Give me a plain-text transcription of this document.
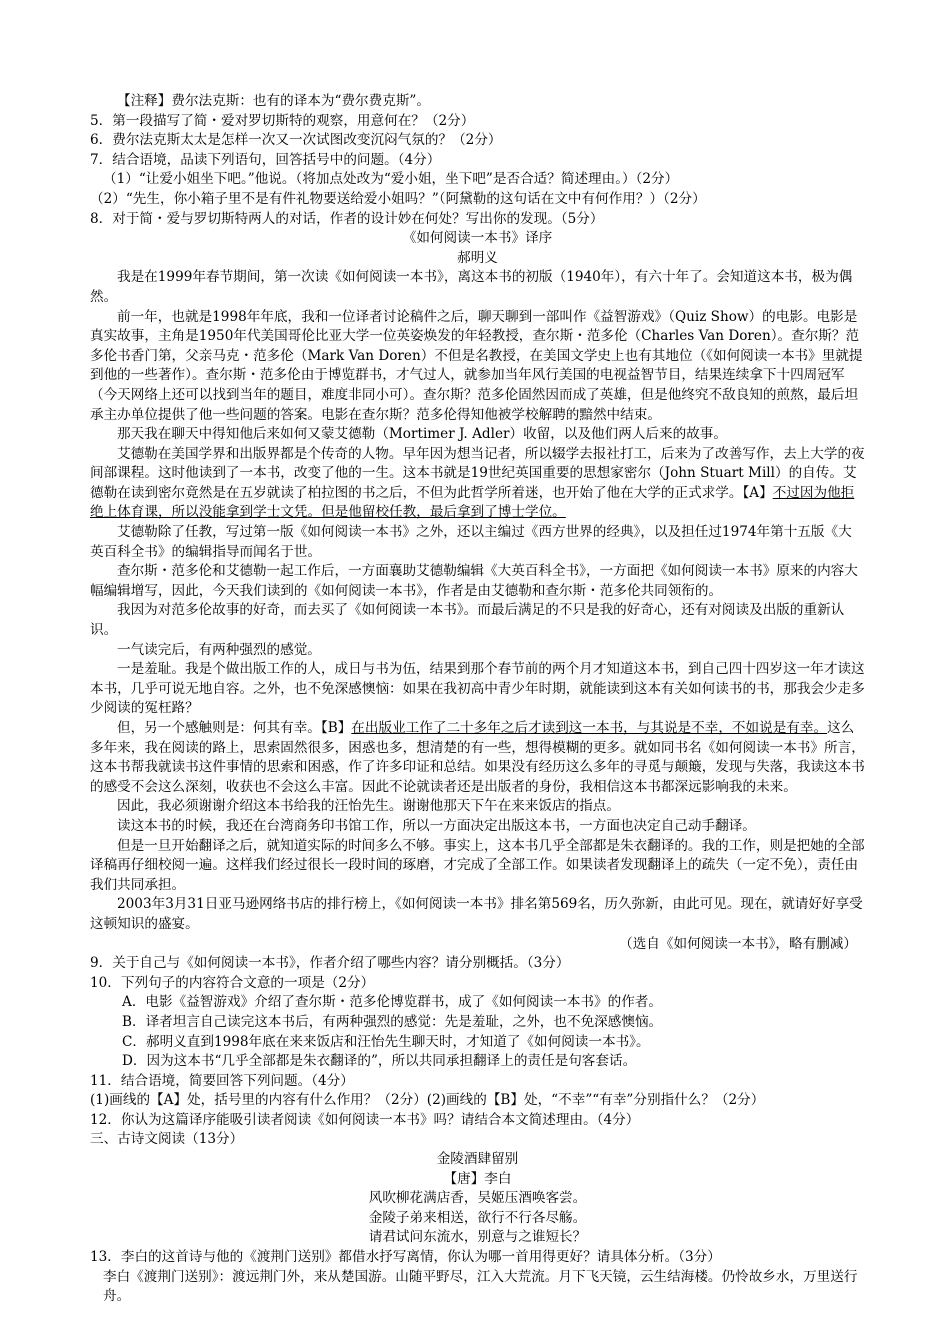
【注释】费尔法克斯：也有的译本为“费尔费克斯”。

5．第一段描写了简・爱对罗切斯特的观察，用意何在？（2分）

6．费尔法克斯太太是怎样一次又一次试图改变沉闷气氛的？（2分）

7．结合语境，品读下列语句，回答括号中的问题。（4分）

（1）“让爱小姐坐下吧。”他说。（将加点处改为“爱小姐，坐下吧”是否合适？简述理由。）（2分）

（2）“先生，你小箱子里不是有件礼物要送给爱小姐吗？”（阿黛勒的这句话在文中有何作用？）（2分）

8．对于简・爱与罗切斯特两人的对话，作者的设计妙在何处？写出你的发现。（5分）

《如何阅读一本书》译序

郝明义

我是在1999年春节期间，第一次读《如何阅读一本书》，离这本书的初版（1940年），有六十年了。会知道这本书，极为偶然。

前一年，也就是1998年年底，我和一位译者讨论稿件之后，聊天聊到一部叫作《益智游戏》（Quiz Show）的电影。电影是真实故事，主角是1950年代美国哥伦比亚大学一位英姿焕发的年轻教授，查尔斯・范多伦（Charles Van Doren）。查尔斯？范多伦书香门第，父亲马克・范多伦（Mark Van Doren）不但是名教授，在美国文学史上也有其地位（《如何阅读一本书》里就提到他的一些著作）。查尔斯・范多伦由于博览群书，才气过人，就参加当年风行美国的电视益智节目，结果连续拿下十四周冠军（今天网络上还可以找到当年的题目，难度非同小可）。查尔斯？范多伦固然因而成了英雄，但是他终究不敌良知的煎熬，最后坦承主办单位提供了他一些问题的答案。电影在查尔斯？范多伦得知他被学校解聘的黯然中结束。

那天我在聊天中得知他后来如何又蒙艾德勒（Mortimer J. Adler）收留，以及他们两人后来的故事。

艾德勒在美国学界和出版界都是个传奇的人物。早年因为想当记者，所以辍学去报社打工，后来为了改善写作，去上大学的夜间部课程。这时他读到了一本书，改变了他的一生。这本书就是19世纪英国重要的思想家密尔（John Stuart Mill）的自传。艾德勒在读到密尔竟然是在五岁就读了柏拉图的书之后，不但为此哲学所着迷，也开始了他在大学的正式求学。【A】不过因为他拒绝上体育课，所以没能拿到学士文凭。但是他留校任教，最后拿到了博士学位。

艾德勒除了任教，写过第一版《如何阅读一本书》之外，还以主编过《西方世界的经典》，以及担任过1974年第十五版《大英百科全书》的编辑指导而闻名于世。

查尔斯・范多伦和艾德勒一起工作后，一方面襄助艾德勒编辑《大英百科全书》，一方面把《如何阅读一本书》原来的内容大幅编辑增写，因此，今天我们读到的《如何阅读一本书》，作者是由艾德勒和查尔斯・范多伦共同领衔的。

我因为对范多伦故事的好奇，而去买了《如何阅读一本书》。而最后满足的不只是我的好奇心，还有对阅读及出版的重新认识。

一气读完后，有两种强烈的感觉。

一是羞耻。我是个做出版工作的人，成日与书为伍，结果到那个春节前的两个月才知道这本书，到自己四十四岁这一年才读这本书，几乎可说无地自容。之外，也不免深感懊恼：如果在我初高中青少年时期，就能读到这本有关如何读书的书，那我会少走多少阅读的冤枉路？

但，另一个感触则是：何其有幸。【B】在出版业工作了二十多年之后才读到这一本书，与其说是不幸，不如说是有幸。这么多年来，我在阅读的路上，思索固然很多，困惑也多，想清楚的有一些，想得模糊的更多。就如同书名《如何阅读一本书》所言，这本书帮我就读书这件事情的思索和困惑，作了许多印证和总结。如果没有经历这么多年的寻觅与颠簸，发现与失落，我读这本书的感受不会这么深刻，收获也不会这么丰富。因此不论就读者还是出版者的身份，我相信这本书都深远影响我的未来。

因此，我必须谢谢介绍这本书给我的汪怡先生。谢谢他那天下午在来来饭店的指点。

读这本书的时候，我还在台湾商务印书馆工作，所以一方面决定出版这本书，一方面也决定自己动手翻译。

但是一旦开始翻译之后，就知道实际的时间多么不够。事实上，这本书几乎全部都是朱衣翻译的。我的工作，则是把她的全部译稿再仔细校阅一遍。这样我们经过很长一段时间的琢磨，才完成了全部工作。如果读者发现翻译上的疏失（一定不免），责任由我们共同承担。

2003年3月31日亚马逊网络书店的排行榜上，《如何阅读一本书》排名第569名，历久弥新，由此可见。现在，就请好好享受这顿知识的盛宴。

（选自《如何阅读一本书》，略有删减）

9．关于自己与《如何阅读一本书》，作者介绍了哪些内容？请分别概括。（3分）

10．下列句子的内容符合文意的一项是（2分）

A．电影《益智游戏》介绍了查尔斯・范多伦博览群书，成了《如何阅读一本书》的作者。

B．译者坦言自己读完这本书后，有两种强烈的感觉：先是羞耻，之外，也不免深感懊恼。

C．郝明义直到1998年底在来来饭店和汪怡先生聊天时，才知道了《如何阅读一本书》。

D．因为这本书“几乎全部都是朱衣翻译的”，所以共同承担翻译上的责任是句客套话。

11．结合语境，简要回答下列问题。（4分）

(1)画线的【A】处，括号里的内容有什么作用？（2分）(2)画线的【B】处，“不幸”“有幸”分别指什么？（2分）

12．你认为这篇译序能吸引读者阅读《如何阅读一本书》吗？请结合本文简述理由。（4分）

三、古诗文阅读（13分）

金陵酒肆留别

【唐】李白

风吹柳花满店香，吴姬压酒唤客尝。

金陵子弟来相送，欲行不行各尽觞。

请君试问东流水，别意与之谁短长？

13．李白的这首诗与他的《渡荆门送别》都借水抒写离情，你认为哪一首用得更好？请具体分析。（3分）

李白《渡荆门送别》：渡远荆门外，来从楚国游。山随平野尽，江入大荒流。月下飞天镜，云生结海楼。仍怜故乡水，万里送行舟。
